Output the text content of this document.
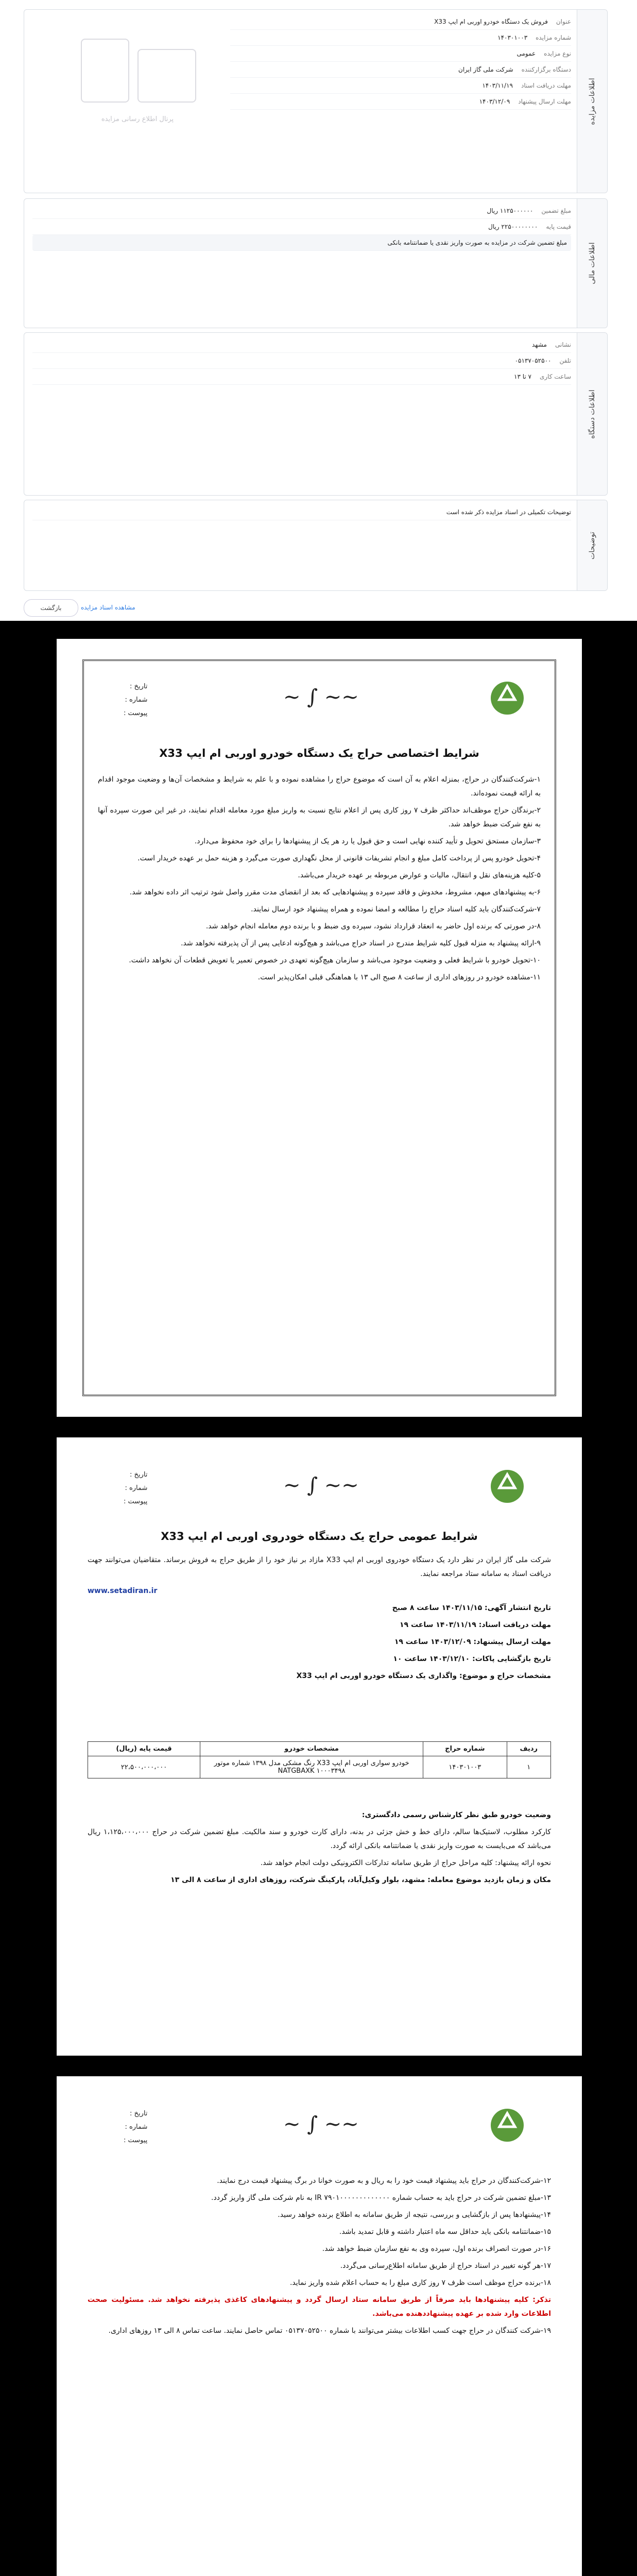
اطلاعات مزایده
پرتال اطلاع رسانی مزایده
عنوان
فروش یک دستگاه خودرو اوربی ام ایپ X33
شماره مزایده
۱۴۰۳۰۱۰۰۳
نوع مزایده
عمومی
دستگاه برگزارکننده
شرکت ملی گاز ایران
مهلت دریافت اسناد
۱۴۰۳/۱۱/۱۹
مهلت ارسال پیشنهاد
۱۴۰۳/۱۲/۰۹
اطلاعات مالی
مبلغ تضمین
۱۱۲۵۰۰۰۰۰۰ ریال
قیمت پایه
۲۲۵۰۰۰۰۰۰۰۰ ریال
مبلغ تضمین شرکت در مزایده به صورت واریز نقدی یا ضمانتنامه بانکی
اطلاعات دستگاه
نشانی
مشهد
تلفن
۰۵۱۳۷۰۵۲۵۰۰
ساعت کاری
۷ تا ۱۳
توضیحات
توضیحات تکمیلی در اسناد مزایده ذکر شده است
بازگشت	مشاهده اسناد مزایده
~~ ∫ ~
تاریخ :
شماره :
پیوست :
شرایط اختصاصی حراج یک دستگاه خودرو اوربی ام ایپ X33

۱-شرکت‌کنندگان در حراج، بمنزله اعلام به آن است که موضوع حراج را مشاهده نموده و با علم به شرایط و مشخصات آن‌ها و وضعیت موجود اقدام به ارائه قیمت نموده‌اند.

۲-برندگان حراج موظف‌اند حداکثر ظرف ۷ روز کاری پس از اعلام نتایج نسبت به واریز مبلغ مورد معامله اقدام نمایند، در غیر این صورت سپرده آنها به نفع شرکت ضبط خواهد شد.

۳-سازمان مستحق تحویل و تأیید کننده نهایی است و حق قبول یا رد هر یک از پیشنهادها را برای خود محفوظ می‌دارد.

۴-تحویل خودرو پس از پرداخت کامل مبلغ و انجام تشریفات قانونی از محل نگهداری صورت می‌گیرد و هزینه حمل بر عهده خریدار است.

۵-کلیه هزینه‌های نقل و انتقال، مالیات و عوارض مربوطه بر عهده خریدار می‌باشد.

۶-به پیشنهادهای مبهم، مشروط، مخدوش و فاقد سپرده و پیشنهادهایی که بعد از انقضای مدت مقرر واصل شود ترتیب اثر داده نخواهد شد.

۷-شرکت‌کنندگان باید کلیه اسناد حراج را مطالعه و امضا نموده و همراه پیشنهاد خود ارسال نمایند.

۸-در صورتی که برنده اول حاضر به انعقاد قرارداد نشود، سپرده وی ضبط و با برنده دوم معامله انجام خواهد شد.

۹-ارائه پیشنهاد به منزله قبول کلیه شرایط مندرج در اسناد حراج می‌باشد و هیچ‌گونه ادعایی پس از آن پذیرفته نخواهد شد.

۱۰-تحویل خودرو با شرایط فعلی و وضعیت موجود می‌باشد و سازمان هیچ‌گونه تعهدی در خصوص تعمیر یا تعویض قطعات آن نخواهد داشت.

۱۱-مشاهده خودرو در روزهای اداری از ساعت ۸ صبح الی ۱۳ با هماهنگی قبلی امکان‌پذیر است.

~~ ∫ ~
تاریخ :
شماره :
پیوست :
شرایط عمومی حراج یک دستگاه خودروی اوربی ام ایپ X33

شرکت ملی گاز ایران در نظر دارد یک دستگاه خودروی اوربی ام ایپ X33 مازاد بر نیاز خود را از طریق حراج به فروش برساند. متقاضیان می‌توانند جهت دریافت اسناد به سامانه ستاد مراجعه نمایند.

www.setadiran.ir

تاریخ انتشار آگهی: ۱۴۰۳/۱۱/۱۵ ساعت ۸ صبح

مهلت دریافت اسناد: ۱۴۰۳/۱۱/۱۹ ساعت ۱۹

مهلت ارسال پیشنهاد: ۱۴۰۳/۱۲/۰۹ ساعت ۱۹

تاریخ بازگشایی پاکات: ۱۴۰۳/۱۲/۱۰ ساعت ۱۰

مشخصات حراج و موضوع: واگذاری یک دستگاه خودرو اوربی ام ایپ X33

ردیف	شماره حراج	مشخصات خودرو	قیمت پایه (ریال)
۱	۱۴۰۳۰۱۰۰۳	خودرو سواری اوربی ام ایپ X33 رنگ مشکی مدل ۱۳۹۸ شماره موتور NATGBAXK ۱۰۰۰۳۴۹۸	۲۲،۵۰۰،۰۰۰،۰۰۰

وضعیت خودرو طبق نظر کارشناس رسمی دادگستری:

کارکرد مطلوب، لاستیک‌ها سالم، دارای خط و خش جزئی در بدنه، دارای کارت خودرو و سند مالکیت. مبلغ تضمین شرکت در حراج ۱،۱۲۵،۰۰۰،۰۰۰ ریال می‌باشد که می‌بایست به صورت واریز نقدی یا ضمانتنامه بانکی ارائه گردد.

نحوه ارائه پیشنهاد: کلیه مراحل حراج از طریق سامانه تدارکات الکترونیکی دولت انجام خواهد شد.

مکان و زمان بازدید موضوع معامله: مشهد، بلوار وکیل‌آباد، پارکینگ شرکت، روزهای اداری از ساعت ۸ الی ۱۳

~~ ∫ ~
تاریخ :
شماره :
پیوست :

۱۲-شرکت‌کنندگان در حراج باید پیشنهاد قیمت خود را به ریال و به صورت خوانا در برگ پیشنهاد قیمت درج نمایند.

۱۳-مبلغ تضمین شرکت در حراج باید به حساب شماره IR ۷۹۰۱۰۰۰۰۰۰۰۰۰۰۰۰۰ به نام شرکت ملی گاز واریز گردد.

۱۴-پیشنهادها پس از بازگشایی و بررسی، نتیجه از طریق سامانه به اطلاع برنده خواهد رسید.

۱۵-ضمانتنامه بانکی باید حداقل سه ماه اعتبار داشته و قابل تمدید باشد.

۱۶-در صورت انصراف برنده اول، سپرده وی به نفع سازمان ضبط خواهد شد.

۱۷-هر گونه تغییر در اسناد حراج از طریق سامانه اطلاع‌رسانی می‌گردد.

۱۸-برنده حراج موظف است ظرف ۷ روز کاری مبلغ را به حساب اعلام شده واریز نماید.

تذکر: کلیه پیشنهادها باید صرفاً از طریق سامانه ستاد ارسال گردد و پیشنهادهای کاغذی پذیرفته نخواهد شد. مسئولیت صحت اطلاعات وارد شده بر عهده پیشنهاددهنده می‌باشد.

۱۹-شرکت کنندگان در حراج جهت کسب اطلاعات بیشتر می‌توانند با شماره ۰۵۱۳۷۰۵۲۵۰۰ تماس حاصل نمایند. ساعت تماس ۸ الی ۱۳ روزهای اداری.
